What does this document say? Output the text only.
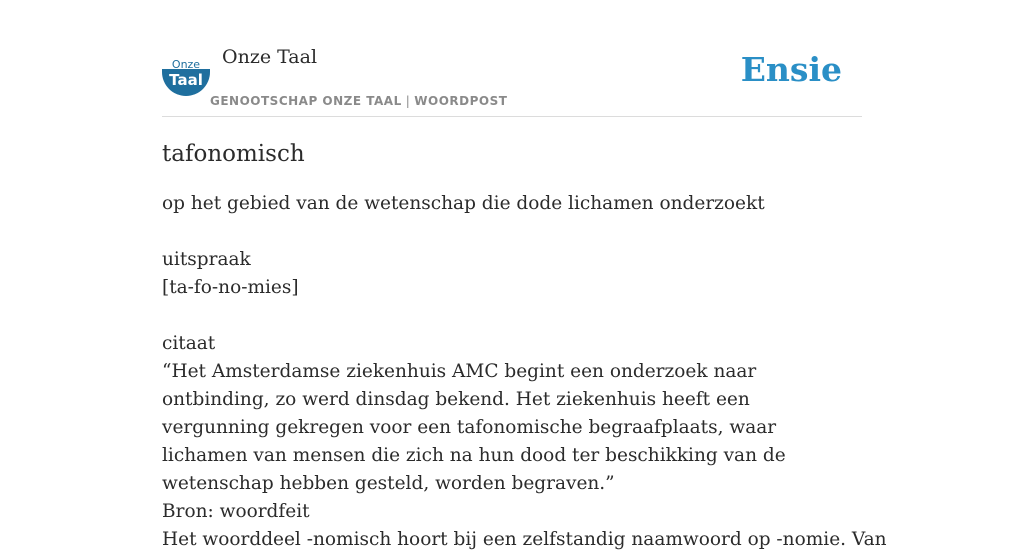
Onze
Taal
Onze Taal
GENOOTSCHAP ONZE TAAL | WOORDPOST
Ensie
tafonomisch
op het gebied van de wetenschap die dode lichamen onderzoekt
uitspraak
[ta-fo-no-mies]
citaat
“Het Amsterdamse ziekenhuis AMC begint een onderzoek naar ontbinding, zo werd dinsdag bekend. Het ziekenhuis heeft een vergunning gekregen voor een tafonomische begraafplaats, waar lichamen van mensen die zich na hun dood ter beschikking van de wetenschap hebben gesteld, worden begraven.”
Bron: woordfeit
Het woorddeel -nomisch hoort bij een zelfstandig naamwoord op -nomie. Van
